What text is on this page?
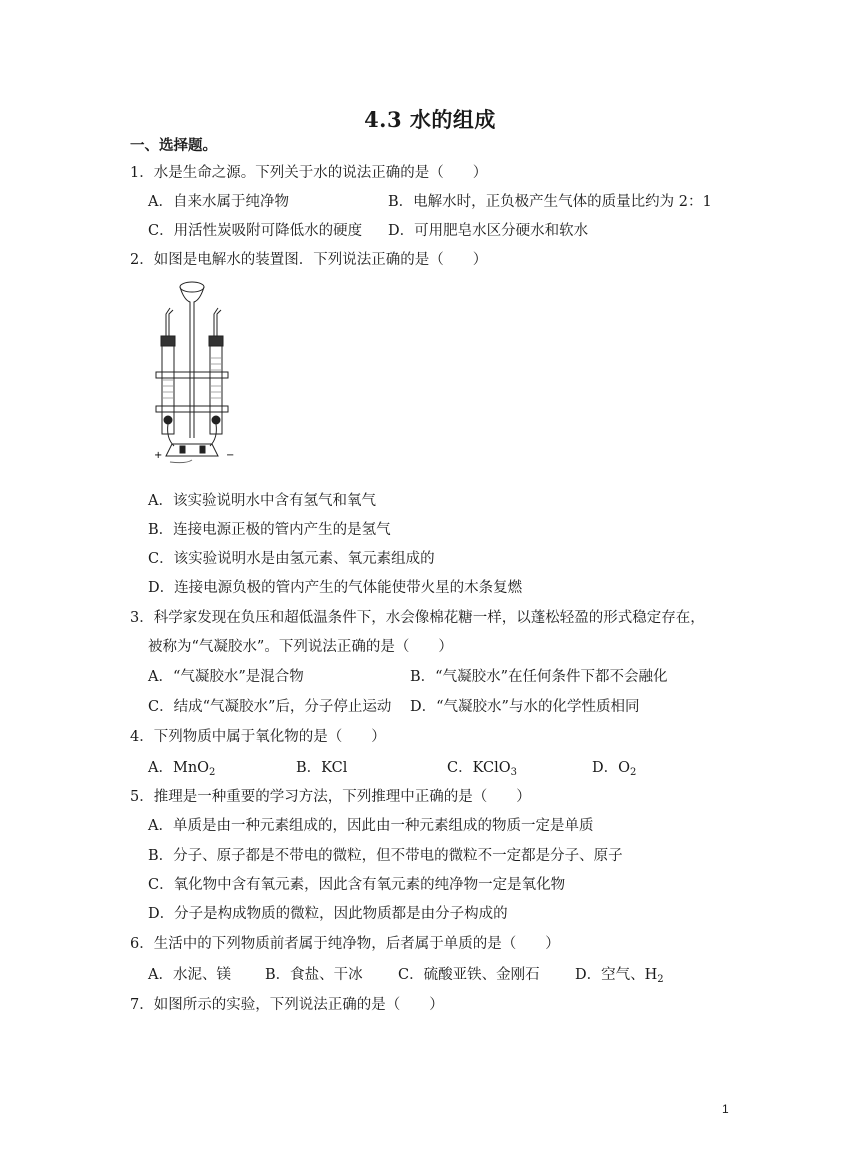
4.3 水的组成
一、选择题。
1．水是生命之源。下列关于水的说法正确的是（　　）
A．自来水属于纯净物	B．电解水时，正负极产生气体的质量比约为 2：1
C．用活性炭吸附可降低水的硬度 D．可用肥皂水区分硬水和软水
2．如图是电解水的装置图．下列说法正确的是（　　）
+	−
A．该实验说明水中含有氢气和氧气
B．连接电源正极的管内产生的是氢气
C．该实验说明水是由氢元素、氧元素组成的
D．连接电源负极的管内产生的气体能使带火星的木条复燃
3．科学家发现在负压和超低温条件下，水会像棉花糖一样，以蓬松轻盈的形式稳定存在，
被称为“气凝胶水”。下列说法正确的是（　　）
A．“气凝胶水”是混合物	B．“气凝胶水”在任何条件下都不会融化
C．结成“气凝胶水”后，分子停止运动 D．“气凝胶水”与水的化学性质相同
4．下列物质中属于氧化物的是（　　）
A．MnO$_2$	B．KCl	C．KClO$_3$	D．$O_2$
5．推理是一种重要的学习方法，下列推理中正确的是（　　）
A．单质是由一种元素组成的，因此由一种元素组成的物质一定是单质
B．分子、原子都是不带电的微粒，但不带电的微粒不一定都是分子、原子
C．氧化物中含有氧元素，因此含有氧元素的纯净物一定是氧化物
D．分子是构成物质的微粒，因此物质都是由分子构成的
6．生活中的下列物质前者属于纯净物，后者属于单质的是（　　）
A．水泥、镁 B．食盐、干冰 C．硫酸亚铁、金刚石 D．空气、$H_2$
7．如图所示的实验，下列说法正确的是（　　）
1
